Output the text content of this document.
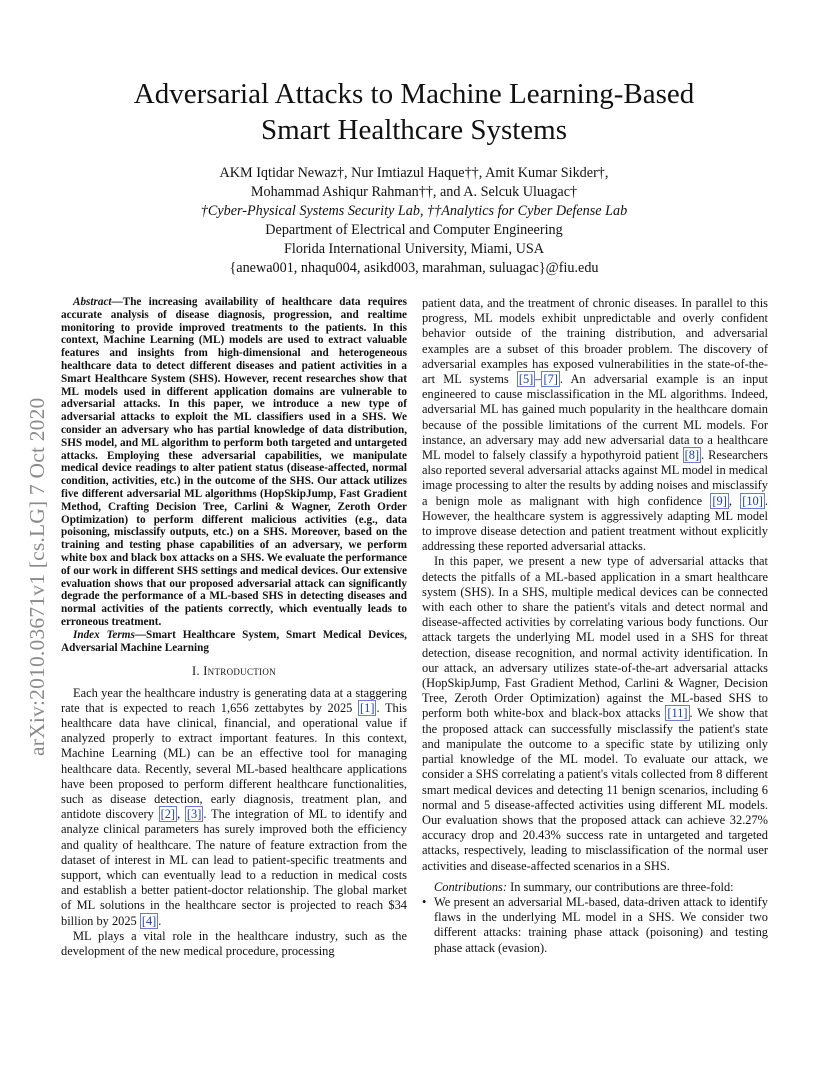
Adversarial Attacks to Machine Learning-Based
Smart Healthcare Systems
AKM Iqtidar Newaz†, Nur Imtiazul Haque††, Amit Kumar Sikder†,
Mohammad Ashiqur Rahman††, and A. Selcuk Uluagac†
†Cyber-Physical Systems Security Lab, ††Analytics for Cyber Defense Lab
Department of Electrical and Computer Engineering
Florida International University, Miami, USA
{anewa001, nhaqu004, asikd003, marahman, suluagac}@fiu.edu
arXiv:2010.03671v1 [cs.LG] 7 Oct 2020

Abstract—The increasing availability of healthcare data requires accurate analysis of disease diagnosis, progression, and realtime monitoring to provide improved treatments to the patients. In this context, Machine Learning (ML) models are used to extract valuable features and insights from high-dimensional and heterogeneous healthcare data to detect different diseases and patient activities in a Smart Healthcare System (SHS). However, recent researches show that ML models used in different application domains are vulnerable to adversarial attacks. In this paper, we introduce a new type of adversarial attacks to exploit the ML classifiers used in a SHS. We consider an adversary who has partial knowledge of data distribution, SHS model, and ML algorithm to perform both targeted and untargeted attacks. Employing these adversarial capabilities, we manipulate medical device readings to alter patient status (disease-affected, normal condition, activities, etc.) in the outcome of the SHS. Our attack utilizes five different adversarial ML algorithms (HopSkipJump, Fast Gradient Method, Crafting Decision Tree, Carlini & Wagner, Zeroth Order Optimization) to perform different malicious activities (e.g., data poisoning, misclassify outputs, etc.) on a SHS. Moreover, based on the training and testing phase capabilities of an adversary, we perform white box and black box attacks on a SHS. We evaluate the performance of our work in different SHS settings and medical devices. Our extensive evaluation shows that our proposed adversarial attack can significantly degrade the performance of a ML-based SHS in detecting diseases and normal activities of the patients correctly, which eventually leads to erroneous treatment.

Index Terms—Smart Healthcare System, Smart Medical Devices, Adversarial Machine Learning

I. Introduction

Each year the healthcare industry is generating data at a staggering rate that is expected to reach 1,656 zettabytes by 2025 [1] . This healthcare data have clinical, financial, and operational value if analyzed properly to extract important features. In this context, Machine Learning (ML) can be an effective tool for managing healthcare data. Recently, several ML-based healthcare applications have been proposed to perform different healthcare functionalities, such as disease detection, early diagnosis, treatment plan, and antidote discovery [2] , [3] . The integration of ML to identify and analyze clinical parameters has surely improved both the efficiency and quality of healthcare. The nature of feature extraction from the dataset of interest in ML can lead to patient-specific treatments and support, which can eventually lead to a reduction in medical costs and establish a better patient-doctor relationship. The global market of ML solutions in the healthcare sector is projected to reach $34 billion by 2025 [4] .

ML plays a vital role in the healthcare industry, such as the development of the new medical procedure, processing

patient data, and the treatment of chronic diseases. In parallel to this progress, ML models exhibit unpredictable and overly confident behavior outside of the training distribution, and adversarial examples are a subset of this broader problem. The discovery of adversarial examples has exposed vulnerabilities in the state-of-the-art ML systems [5] – [7] . An adversarial example is an input engineered to cause misclassification in the ML algorithms. Indeed, adversarial ML has gained much popularity in the healthcare domain because of the possible limitations of the current ML models. For instance, an adversary may add new adversarial data to a healthcare ML model to falsely classify a hypothyroid patient [8] . Researchers also reported several adversarial attacks against ML model in medical image processing to alter the results by adding noises and misclassify a benign mole as malignant with high confidence [9] , [10] . However, the healthcare system is aggressively adapting ML model to improve disease detection and patient treatment without explicitly addressing these reported adversarial attacks.

In this paper, we present a new type of adversarial attacks that detects the pitfalls of a ML-based application in a smart healthcare system (SHS). In a SHS, multiple medical devices can be connected with each other to share the patient's vitals and detect normal and disease-affected activities by correlating various body functions. Our attack targets the underlying ML model used in a SHS for threat detection, disease recognition, and normal activity identification. In our attack, an adversary utilizes state-of-the-art adversarial attacks (HopSkipJump, Fast Gradient Method, Carlini & Wagner, Decision Tree, Zeroth Order Optimization) against the ML-based SHS to perform both white-box and black-box attacks [11] . We show that the proposed attack can successfully misclassify the patient's state and manipulate the outcome to a specific state by utilizing only partial knowledge of the ML model. To evaluate our attack, we consider a SHS correlating a patient's vitals collected from 8 different smart medical devices and detecting 11 benign scenarios, including 6 normal and 5 disease-affected activities using different ML models. Our evaluation shows that the proposed attack can achieve 32.27% accuracy drop and 20.43% success rate in untargeted and targeted attacks, respectively, leading to misclassification of the normal user activities and disease-affected scenarios in a SHS.

Contributions: In summary, our contributions are three-fold:

• We present an adversarial ML-based, data-driven attack to identify flaws in the underlying ML model in a SHS. We consider two different attacks: training phase attack (poisoning) and testing phase attack (evasion).
